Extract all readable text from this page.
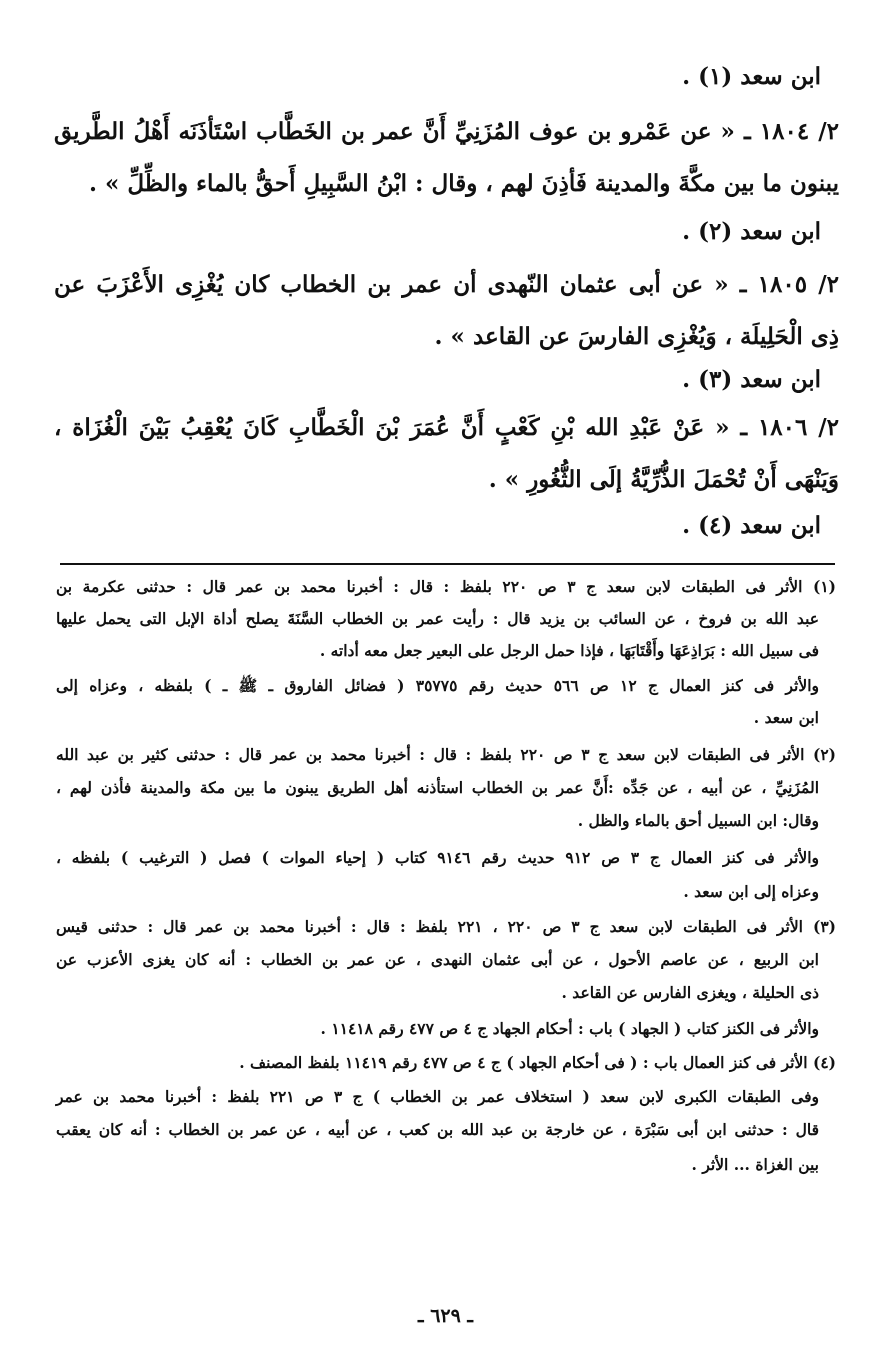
ابن سعد (١) .
٢/ ١٨٠٤ ـ « عن عَمْرو بن عوف المُزَنِيِّ أَنَّ عمر بن الخَطَّاب اسْتَأذَنَه أَهْلُ الطَّريق
يبنون ما بين مكَّةَ والمدينة فَأذِنَ لهم ، وقال : ابْنُ السَّبِيلِ أَحقُّ بالماء والظِّلِّ » .
ابن سعد (٢) .
٢/ ١٨٠٥ ـ « عن أبى عثمان النّهدى أن عمر بن الخطاب كان يُغْزِى الأَعْزَبَ عن
ذِى الْحَلِيلَة ، وَيُغْزِى الفارسَ عن القاعد » .
ابن سعد (٣) .
٢/ ١٨٠٦ ـ « عَنْ عَبْدِ الله بْنِ كَعْبٍ أَنَّ عُمَرَ بْنَ الْخَطَّابِ كَانَ يُعْقِبُ بَيْنَ الْغُزَاة ،
وَيَنْهَى أَنْ تُحْمَلَ الذُّرِّيَّةُ إلَى الثُّغُورِ » .
ابن سعد (٤) .
(١) الأثر فى الطبقات لابن سعد ج ٣ ص ٢٢٠ بلفظ : قال : أخبرنا محمد بن عمر قال : حدثنى عكرمة بن
عبد الله بن فروخ ، عن السائب بن يزيد قال : رأيت عمر بن الخطاب السَّنَةَ يصلح أداة الإبل التى يحمل عليها
فى سبيل الله : بَرَاذِعَهَا وأَقْتَابَهَا ، فإذا حمل الرجل على البعير جعل معه أداته .
والأثر فى كنز العمال ج ١٢ ص ٥٦٦ حديث رقم ٣٥٧٧٥ ( فضائل الفاروق ـ ﷺ ـ ) بلفظه ، وعزاه إلى
ابن سعد .
(٢) الأثر فى الطبقات لابن سعد ج ٣ ص ٢٢٠ بلفظ : قال : أخبرنا محمد بن عمر قال : حدثنى كثير بن عبد الله
المُزَنِيِّ ، عن أبيه ، عن جَدِّه :أَنَّ عمر بن الخطاب استأذنه أهل الطريق يبنون ما بين مكة والمدينة فأذن لهم ،
وقال: ابن السبيل أحق بالماء والظل .
والأثر فى كنز العمال ج ٣ ص ٩١٢ حديث رقم ٩١٤٦ كتاب ( إحياء الموات ) فصل ( الترغيب ) بلفظه ،
وعزاه إلى ابن سعد .
(٣) الأثر فى الطبقات لابن سعد ج ٣ ص ٢٢٠ ، ٢٢١ بلفظ : قال : أخبرنا محمد بن عمر قال : حدثنى قيس
ابن الربيع ، عن عاصم الأحول ، عن أبى عثمان النهدى ، عن عمر بن الخطاب : أنه كان يغزى الأعزب عن
ذى الحليلة ، ويغزى الفارس عن القاعد .
والأثر فى الكنز كتاب ( الجهاد ) باب : أحكام الجهاد ج ٤ ص ٤٧٧ رقم ١١٤١٨ .
(٤) الأثر فى كنز العمال باب : ( فى أحكام الجهاد ) ج ٤ ص ٤٧٧ رقم ١١٤١٩ بلفظ المصنف .
وفى الطبقات الكبرى لابن سعد ( استخلاف عمر بن الخطاب ) ج ٣ ص ٢٢١ بلفظ : أخبرنا محمد بن عمر
قال : حدثنى ابن أبى سَبْرَة ، عن خارجة بن عبد الله بن كعب ، عن أبيه ، عن عمر بن الخطاب : أنه كان يعقب
بين الغزاة ... الأثر .
ـ ٦٢٩ ـ
